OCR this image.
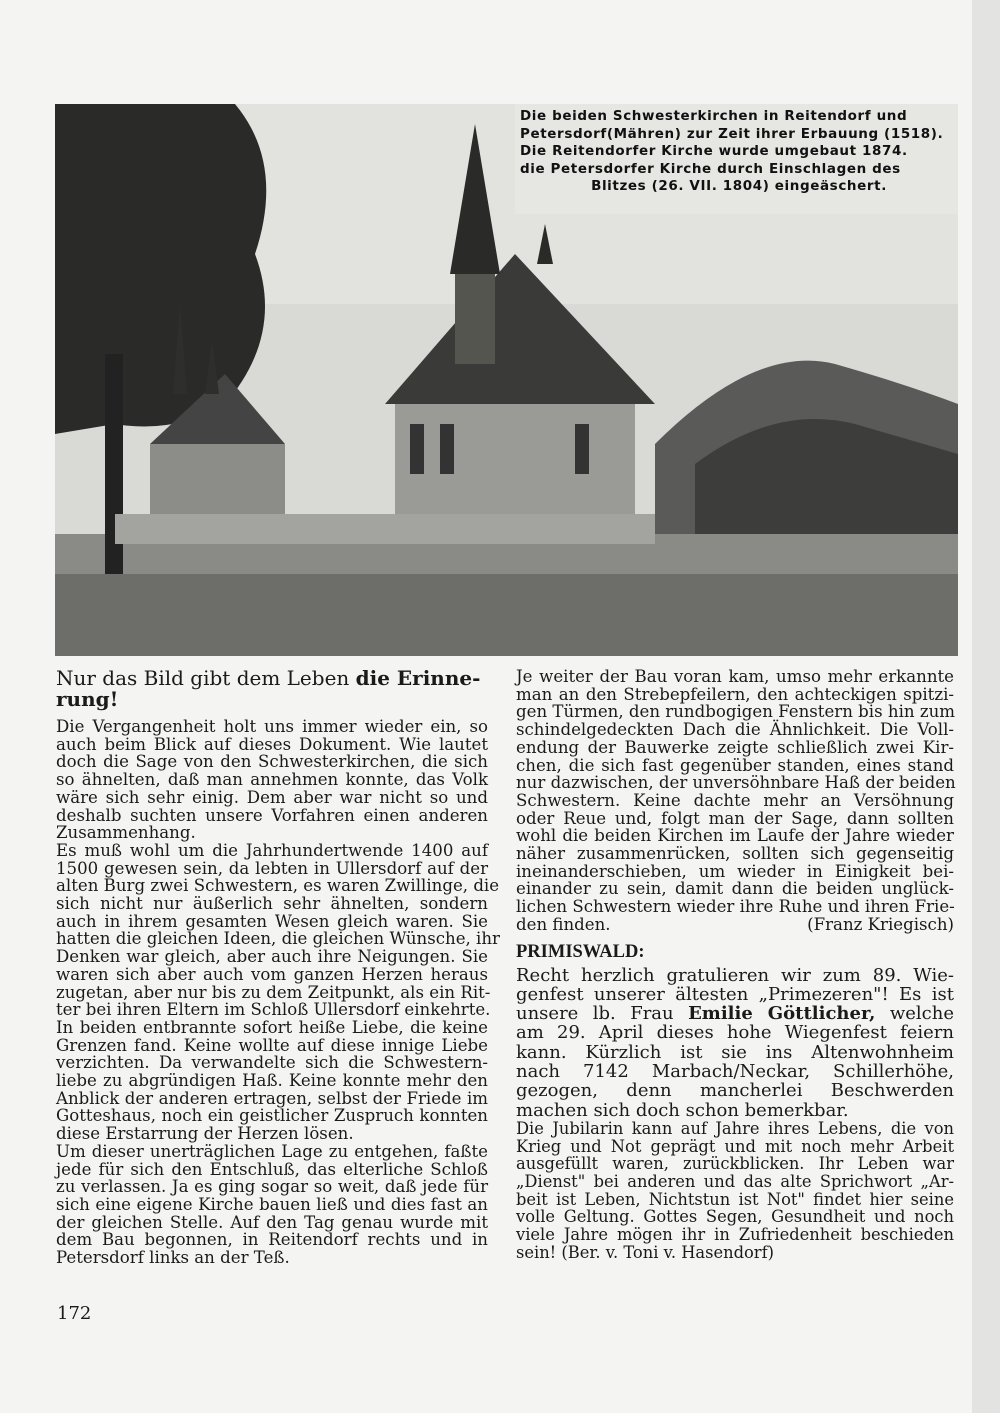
Die beiden Schwesterkirchen in Reitendorf und
Petersdorf(Mähren) zur Zeit ihrer Erbauung (1518).
Die Reitendorfer Kirche wurde umgebaut 1874.
die Petersdorfer Kirche durch Einschlagen des
Blitzes (26. VII. 1804) eingeäschert.
Nur das Bild gibt dem Leben die Erinne-
rung!
Die Vergangenheit holt uns immer wieder ein, so
auch beim Blick auf dieses Dokument. Wie lautet
doch die Sage von den Schwesterkirchen, die sich
so ähnelten, daß man annehmen konnte, das Volk
wäre sich sehr einig. Dem aber war nicht so und
deshalb suchten unsere Vorfahren einen anderen
Zusammenhang.
Es muß wohl um die Jahrhundertwende 1400 auf
1500 gewesen sein, da lebten in Ullersdorf auf der
alten Burg zwei Schwestern, es waren Zwillinge, die
sich nicht nur äußerlich sehr ähnelten, sondern
auch in ihrem gesamten Wesen gleich waren. Sie
hatten die gleichen Ideen, die gleichen Wünsche, ihr
Denken war gleich, aber auch ihre Neigungen. Sie
waren sich aber auch vom ganzen Herzen heraus
zugetan, aber nur bis zu dem Zeitpunkt, als ein Rit-
ter bei ihren Eltern im Schloß Ullersdorf einkehrte.
In beiden entbrannte sofort heiße Liebe, die keine
Grenzen fand. Keine wollte auf diese innige Liebe
verzichten. Da verwandelte sich die Schwestern-
liebe zu abgründigen Haß. Keine konnte mehr den
Anblick der anderen ertragen, selbst der Friede im
Gotteshaus, noch ein geistlicher Zuspruch konnten
diese Erstarrung der Herzen lösen.
Um dieser unerträglichen Lage zu entgehen, faßte
jede für sich den Entschluß, das elterliche Schloß
zu verlassen. Ja es ging sogar so weit, daß jede für
sich eine eigene Kirche bauen ließ und dies fast an
der gleichen Stelle. Auf den Tag genau wurde mit
dem Bau begonnen, in Reitendorf rechts und in
Petersdorf links an der Teß.
Je weiter der Bau voran kam, umso mehr erkannte
man an den Strebepfeilern, den achteckigen spitzi-
gen Türmen, den rundbogigen Fenstern bis hin zum
schindelgedeckten Dach die Ähnlichkeit. Die Voll-
endung der Bauwerke zeigte schließlich zwei Kir-
chen, die sich fast gegenüber standen, eines stand
nur dazwischen, der unversöhnbare Haß der beiden
Schwestern. Keine dachte mehr an Versöhnung
oder Reue und, folgt man der Sage, dann sollten
wohl die beiden Kirchen im Laufe der Jahre wieder
näher zusammenrücken, sollten sich gegenseitig
ineinanderschieben, um wieder in Einigkeit bei-
einander zu sein, damit dann die beiden unglück-
lichen Schwestern wieder ihre Ruhe und ihren Frie-
den finden.	(Franz Kriegisch)
PRIMISWALD:
Recht herzlich gratulieren wir zum 89. Wie-
genfest unserer ältesten „Primezeren"! Es ist
unsere lb. Frau Emilie Göttlicher, welche
am 29. April dieses hohe Wiegenfest feiern
kann. Kürzlich ist sie ins Altenwohnheim
nach 7142 Marbach/Neckar, Schillerhöhe,
gezogen, denn mancherlei Beschwerden
machen sich doch schon bemerkbar.
Die Jubilarin kann auf Jahre ihres Lebens, die von
Krieg und Not geprägt und mit noch mehr Arbeit
ausgefüllt waren, zurückblicken. Ihr Leben war
„Dienst" bei anderen und das alte Sprichwort „Ar-
beit ist Leben, Nichtstun ist Not" findet hier seine
volle Geltung. Gottes Segen, Gesundheit und noch
viele Jahre mögen ihr in Zufriedenheit beschieden
sein! (Ber. v. Toni v. Hasendorf)
172
